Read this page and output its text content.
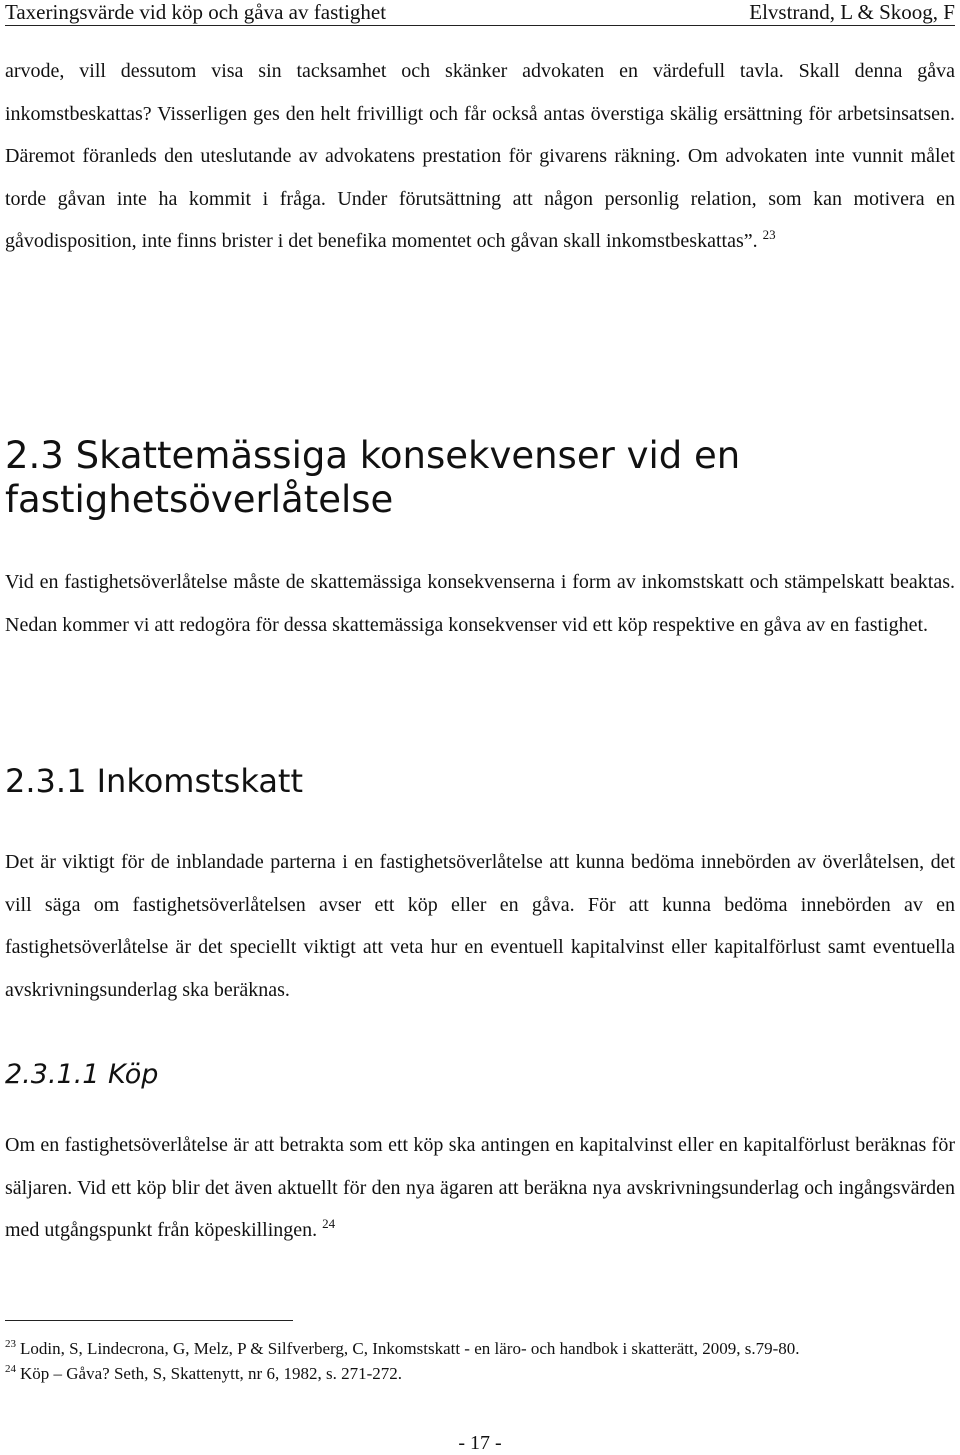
Taxeringsvärde vid köp och gåva av fastighet	Elvstrand, L & Skoog, F

arvode, vill dessutom visa sin tacksamhet och skänker advokaten en värdefull tavla. Skall denna gåva inkomstbeskattas? Visserligen ges den helt frivilligt och får också antas överstiga skälig ersättning för arbetsinsatsen. Däremot föranleds den uteslutande av advokatens prestation för givarens räkning. Om advokaten inte vunnit målet torde gåvan inte ha kommit i fråga. Under förutsättning att någon personlig relation, som kan motivera en gåvodisposition, inte finns brister i det benefika momentet och gåvan skall inkomstbeskattas”. $^{23}$

2.3 Skattemässiga konsekvenser vid en fastighetsöverlåtelse

Vid en fastighetsöverlåtelse måste de skattemässiga konsekvenserna i form av inkomstskatt och stämpelskatt beaktas. Nedan kommer vi att redogöra för dessa skattemässiga konsekvenser vid ett köp respektive en gåva av en fastighet.

2.3.1 Inkomstskatt

Det är viktigt för de inblandade parterna i en fastighetsöverlåtelse att kunna bedöma innebörden av överlåtelsen, det vill säga om fastighetsöverlåtelsen avser ett köp eller en gåva. För att kunna bedöma innebörden av en fastighetsöverlåtelse är det speciellt viktigt att veta hur en eventuell kapitalvinst eller kapitalförlust samt eventuella avskrivningsunderlag ska beräknas.

2.3.1.1 Köp

Om en fastighetsöverlåtelse är att betrakta som ett köp ska antingen en kapitalvinst eller en kapitalförlust beräknas för säljaren. Vid ett köp blir det även aktuellt för den nya ägaren att beräkna nya avskrivningsunderlag och ingångsvärden med utgångspunkt från köpeskillingen. $^{24}$

$^{23}$ Lodin, S, Lindecrona, G, Melz, P & Silfverberg, C, Inkomstskatt - en läro- och handbok i skatterätt, 2009, s.79-80.

$^{24}$ Köp – Gåva? Seth, S, Skattenytt, nr 6, 1982, s. 271-272.

- 17 -
